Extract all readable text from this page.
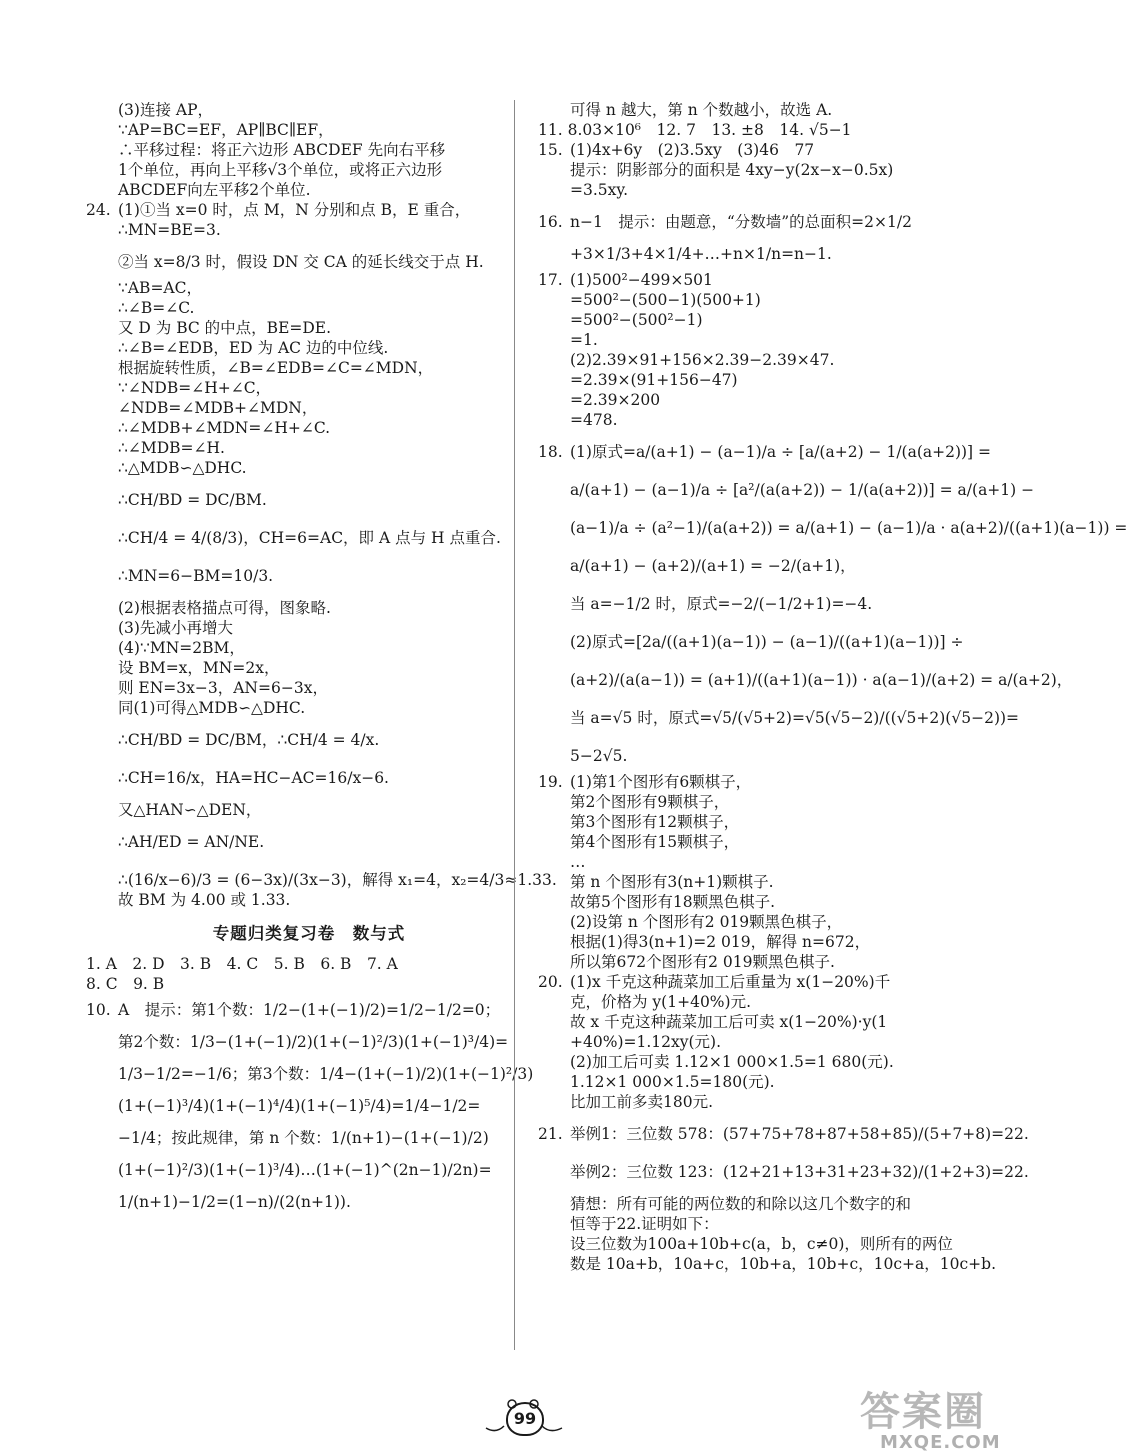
(3)连接 AP，

∵AP=BC=EF，AP∥BC∥EF，

∴平移过程：将正六边形 ABCDEF 先向右平移

1个单位，再向上平移√3个单位，或将正六边形

ABCDEF向左平移2个单位.

24. (1)①当 x=0 时，点 M，N 分别和点 B，E 重合，

∴MN=BE=3.

②当 x=8/3 时，假设 DN 交 CA 的延长线交于点 H.

∵AB=AC，

∴∠B=∠C.

又 D 为 BC 的中点，BE=DE.

∴∠B=∠EDB，ED 为 AC 边的中位线.

根据旋转性质，∠B=∠EDB=∠C=∠MDN，

∵∠NDB=∠H+∠C，

∠NDB=∠MDB+∠MDN，

∴∠MDB+∠MDN=∠H+∠C.

∴∠MDB=∠H.

∴△MDB∽△DHC.

∴CH/BD = DC/BM.

∴CH/4 = 4/(8/3)，CH=6=AC，即 A 点与 H 点重合.

∴MN=6−BM=10/3.

(2)根据表格描点可得，图象略.

(3)先减小再增大

(4)∵MN=2BM，

设 BM=x，MN=2x，

则 EN=3x−3，AN=6−3x，

同(1)可得△MDB∽△DHC.

∴CH/BD = DC/BM，∴CH/4 = 4/x.

∴CH=16/x，HA=HC−AC=16/x−6.

又△HAN∽△DEN，

∴AH/ED = AN/NE.

∴(16/x−6)/3 = (6−3x)/(3x−3)，解得 x₁=4，x₂=4/3≈1.33.

故 BM 为 4.00 或 1.33.

专题归类复习卷　数与式

1. A　2. D　3. B　4. C　5. B　6. B　7. A

8. C　9. B

10. A　提示：第1个数：1/2−(1+(−1)/2)=1/2−1/2=0；

第2个数：1/3−(1+(−1)/2)(1+(−1)²/3)(1+(−1)³/4)=

1/3−1/2=−1/6；第3个数：1/4−(1+(−1)/2)(1+(−1)²/3)

(1+(−1)³/4)(1+(−1)⁴/4)(1+(−1)⁵/4)=1/4−1/2=

−1/4；按此规律，第 n 个数：1/(n+1)−(1+(−1)/2)

(1+(−1)²/3)(1+(−1)³/4)…(1+(−1)^(2n−1)/2n)=

1/(n+1)−1/2=(1−n)/(2(n+1)).

可得 n 越大，第 n 个数越小，故选 A.

11. 8.03×10⁶　12. 7　13. ±8　14. √5−1

15. (1)4x+6y　(2)3.5xy　(3)46　77

提示：阴影部分的面积是 4xy−y(2x−x−0.5x)

=3.5xy.

16. n−1　提示：由题意，“分数墙”的总面积=2×1/2

+3×1/3+4×1/4+…+n×1/n=n−1.

17. (1)500²−499×501

=500²−(500−1)(500+1)

=500²−(500²−1)

=1.

(2)2.39×91+156×2.39−2.39×47.

=2.39×(91+156−47)

=2.39×200

=478.

18. (1)原式=a/(a+1) − (a−1)/a ÷ [a/(a+2) − 1/(a(a+2))] =

a/(a+1) − (a−1)/a ÷ [a²/(a(a+2)) − 1/(a(a+2))] = a/(a+1) −

(a−1)/a ÷ (a²−1)/(a(a+2)) = a/(a+1) − (a−1)/a · a(a+2)/((a+1)(a−1)) =

a/(a+1) − (a+2)/(a+1) = −2/(a+1)，

当 a=−1/2 时，原式=−2/(−1/2+1)=−4.

(2)原式=[2a/((a+1)(a−1)) − (a−1)/((a+1)(a−1))] ÷

(a+2)/(a(a−1)) = (a+1)/((a+1)(a−1)) · a(a−1)/(a+2) = a/(a+2)，

当 a=√5 时，原式=√5/(√5+2)=√5(√5−2)/((√5+2)(√5−2))=

5−2√5.

19. (1)第1个图形有6颗棋子，

第2个图形有9颗棋子，

第3个图形有12颗棋子，

第4个图形有15颗棋子，

…

第 n 个图形有3(n+1)颗棋子.

故第5个图形有18颗黑色棋子.

(2)设第 n 个图形有2 019颗黑色棋子，

根据(1)得3(n+1)=2 019，解得 n=672，

所以第672个图形有2 019颗黑色棋子.

20. (1)x 千克这种蔬菜加工后重量为 x(1−20%)千

克，价格为 y(1+40%)元.

故 x 千克这种蔬菜加工后可卖 x(1−20%)·y(1

+40%)=1.12xy(元).

(2)加工后可卖 1.12×1 000×1.5=1 680(元).

1.12×1 000×1.5=180(元).

比加工前多卖180元.

21. 举例1：三位数 578：(57+75+78+87+58+85)/(5+7+8)=22.

举例2：三位数 123：(12+21+13+31+23+32)/(1+2+3)=22.

猜想：所有可能的两位数的和除以这几个数字的和

恒等于22.证明如下：

设三位数为100a+10b+c(a，b，c≠0)，则所有的两位

数是 10a+b，10a+c，10b+a，10b+c，10c+a，10c+b.

99	答案圈
MXQE.COM
